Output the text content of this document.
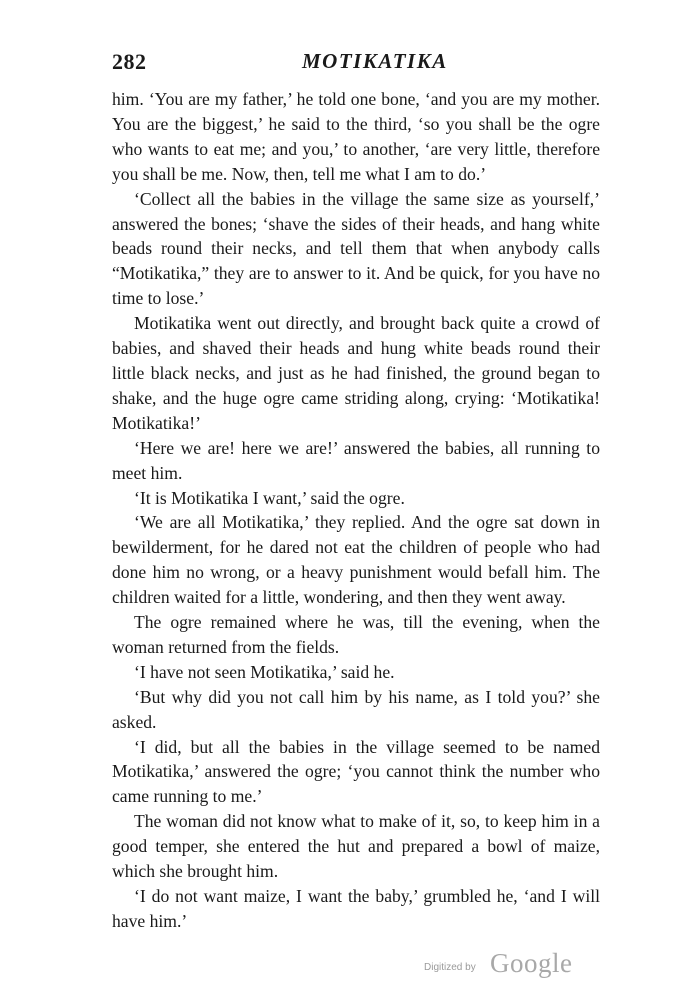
282	MOTIKATIKA

him. ‘You are my father,’ he told one bone, ‘and you are my mother. You are the biggest,’ he said to the third, ‘so you shall be the ogre who wants to eat me; and you,’ to another, ‘are very little, therefore you shall be me. Now, then, tell me what I am to do.’

‘Collect all the babies in the village the same size as yourself,’ answered the bones; ‘shave the sides of their heads, and hang white beads round their necks, and tell them that when anybody calls “Motikatika,” they are to answer to it. And be quick, for you have no time to lose.’

Motikatika went out directly, and brought back quite a crowd of babies, and shaved their heads and hung white beads round their little black necks, and just as he had finished, the ground began to shake, and the huge ogre came striding along, crying: ‘Motikatika! Motikatika!’

‘Here we are! here we are!’ answered the babies, all running to meet him.

‘It is Motikatika I want,’ said the ogre.

‘We are all Motikatika,’ they replied. And the ogre sat down in bewilderment, for he dared not eat the children of people who had done him no wrong, or a heavy punishment would befall him. The children waited for a little, wondering, and then they went away.

The ogre remained where he was, till the evening, when the woman returned from the fields.

‘I have not seen Motikatika,’ said he.

‘But why did you not call him by his name, as I told you?’ she asked.

‘I did, but all the babies in the village seemed to be named Motikatika,’ answered the ogre; ‘you cannot think the number who came running to me.’

The woman did not know what to make of it, so, to keep him in a good temper, she entered the hut and prepared a bowl of maize, which she brought him.

‘I do not want maize, I want the baby,’ grumbled he, ‘and I will have him.’

Digitized by Google
